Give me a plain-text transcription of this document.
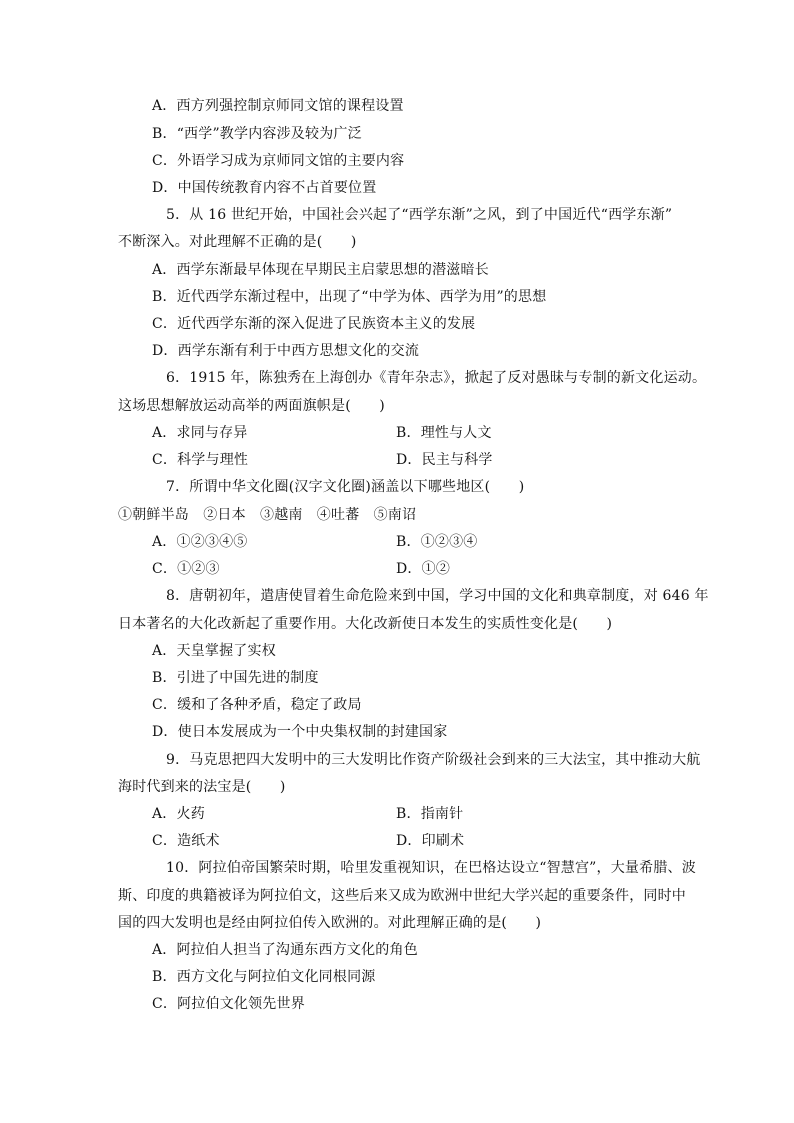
A．西方列强控制京师同文馆的课程设置
B．“西学”教学内容涉及较为广泛
C．外语学习成为京师同文馆的主要内容
D．中国传统教育内容不占首要位置
5．从 16 世纪开始，中国社会兴起了“西学东渐”之风，到了中国近代“西学东渐”
不断深入。对此理解不正确的是(　　)
A．西学东渐最早体现在早期民主启蒙思想的潜滋暗长
B．近代西学东渐过程中，出现了“中学为体、西学为用”的思想
C．近代西学东渐的深入促进了民族资本主义的发展
D．西学东渐有利于中西方思想文化的交流
6．1915 年，陈独秀在上海创办《青年杂志》，掀起了反对愚昧与专制的新文化运动。
这场思想解放运动高举的两面旗帜是(　　)
A．求同与存异	B．理性与人文
C．科学与理性	D．民主与科学
7．所谓中华文化圈(汉字文化圈)涵盖以下哪些地区(　　)
①朝鲜半岛　②日本　③越南　④吐蕃　⑤南诏
A．①②③④⑤	B．①②③④
C．①②③	D．①②
8．唐朝初年，遣唐使冒着生命危险来到中国，学习中国的文化和典章制度，对 646 年
日本著名的大化改新起了重要作用。大化改新使日本发生的实质性变化是(　　)
A．天皇掌握了实权
B．引进了中国先进的制度
C．缓和了各种矛盾，稳定了政局
D．使日本发展成为一个中央集权制的封建国家
9．马克思把四大发明中的三大发明比作资产阶级社会到来的三大法宝，其中推动大航
海时代到来的法宝是(　　)
A．火药	B．指南针
C．造纸术	D．印刷术
10．阿拉伯帝国繁荣时期，哈里发重视知识，在巴格达设立“智慧宫”，大量希腊、波
斯、印度的典籍被译为阿拉伯文，这些后来又成为欧洲中世纪大学兴起的重要条件，同时中
国的四大发明也是经由阿拉伯传入欧洲的。对此理解正确的是(　　)
A．阿拉伯人担当了沟通东西方文化的角色
B．西方文化与阿拉伯文化同根同源
C．阿拉伯文化领先世界
